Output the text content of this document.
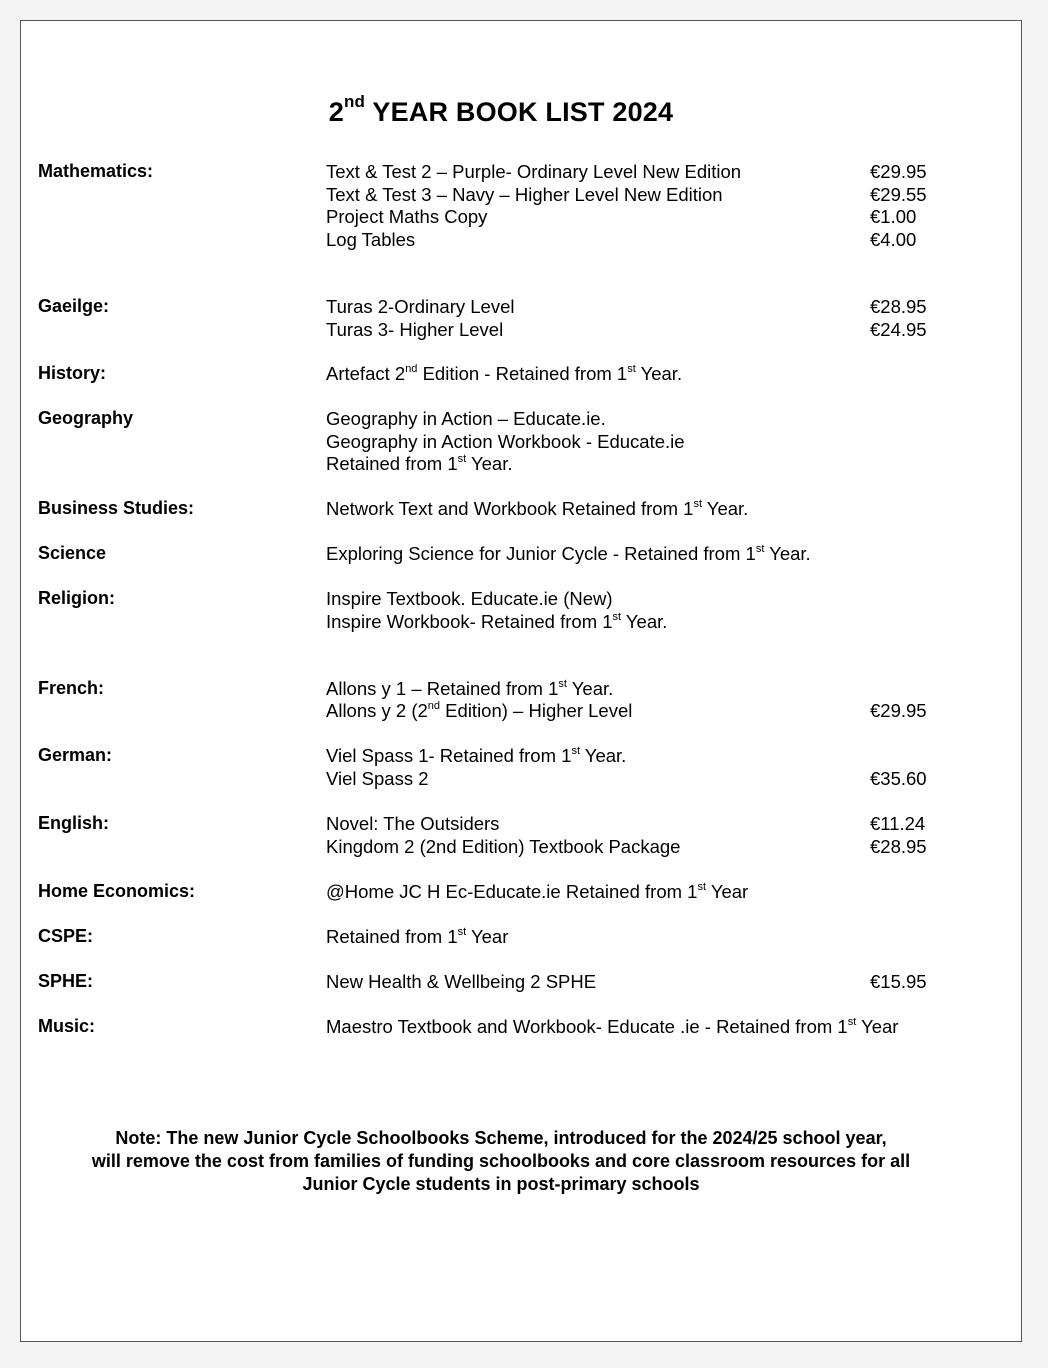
2nd YEAR BOOK LIST 2024
Mathematics:	Text & Test 2 – Purple- Ordinary Level New Edition	€29.95
Text & Test 3 – Navy – Higher Level New Edition	€29.55
Project Maths Copy	€1.00
Log Tables	€4.00
Gaeilge:	Turas 2-Ordinary Level	€28.95
Turas 3- Higher Level	€24.95
History:	Artefact 2nd Edition - Retained from 1st Year.
Geography	Geography in Action – Educate.ie.
Geography in Action Workbook - Educate.ie
Retained from 1st Year.
Business Studies:	Network Text and Workbook Retained from 1st Year.
Science	Exploring Science for Junior Cycle - Retained from 1st Year.
Religion:	Inspire Textbook. Educate.ie (New)
Inspire Workbook- Retained from 1st Year.
French:	Allons y 1 – Retained from 1st Year.
Allons y 2 (2nd Edition) – Higher Level	€29.95
German:	Viel Spass 1- Retained from 1st Year.
Viel Spass 2	€35.60
English:	Novel: The Outsiders	€11.24
Kingdom 2 (2nd Edition) Textbook Package	€28.95
Home Economics:	@Home JC H Ec-Educate.ie Retained from 1st Year
CSPE:	Retained from 1st Year
SPHE:	New Health & Wellbeing 2 SPHE	€15.95
Music:	Maestro Textbook and Workbook- Educate .ie - Retained from 1st Year
Note: The new Junior Cycle Schoolbooks Scheme, introduced for the 2024/25 school year,
will remove the cost from families of funding schoolbooks and core classroom resources for all
Junior Cycle students in post-primary schools
